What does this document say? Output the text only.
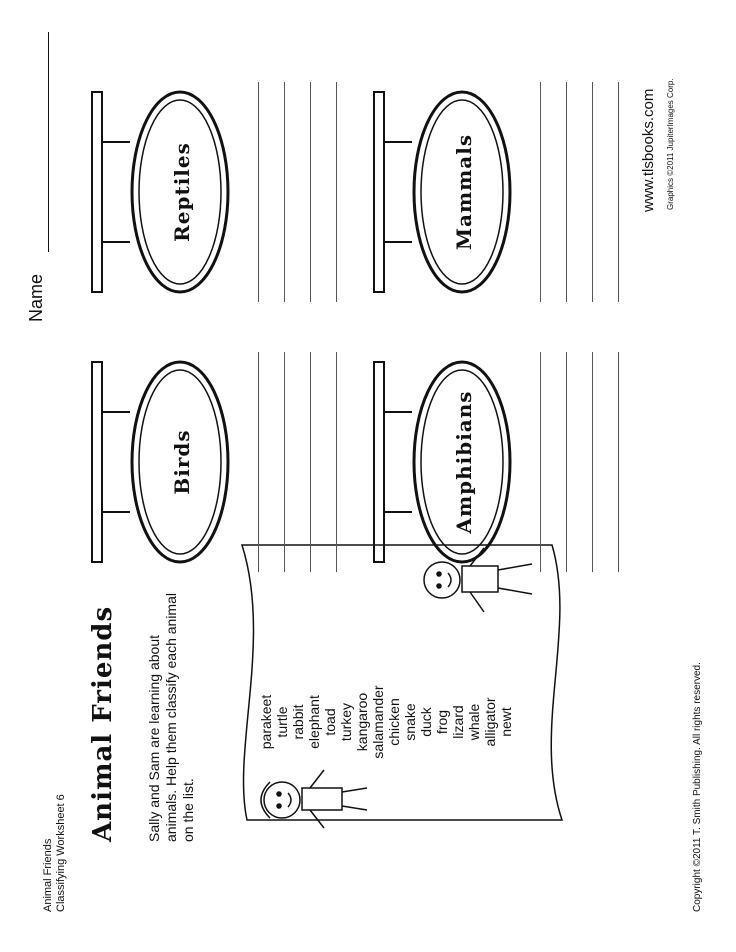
Animal Friends Classifying Worksheet 6
Animal Friends Sally and Sam are learning about animals. Help them classify each animal on the list.
parakeet turtle rabbit elephant toad turkey kangaroo salamander chicken snake duck frog lizard whale alligator newt
Name
Birds	Amphibians
Reptiles	Mammals
Copyright ©2011 T. Smith Publishing. All rights reserved.
www.tlsbooks.com Graphics ©2011 JupiterImages Corp.
